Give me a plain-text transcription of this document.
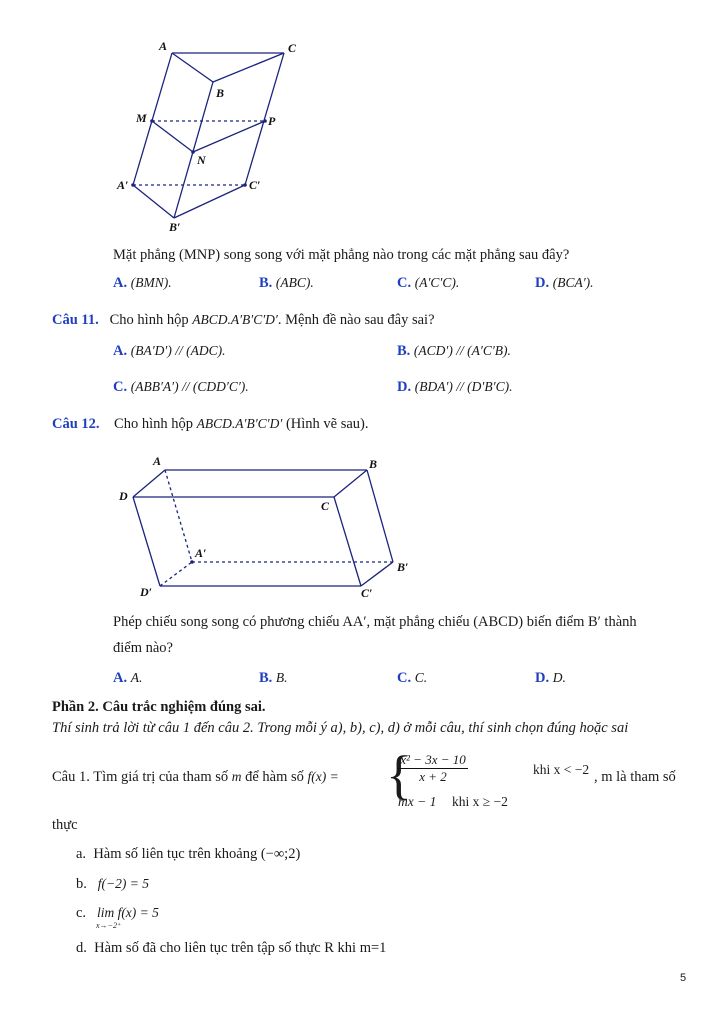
A	C
B
M	P
N
A′	C′
B′
Mặt phẳng (MNP) song song với mặt phẳng nào trong các mặt phẳng sau đây?
A. (BMN).	B. (ABC).	C. (A′C′C).	D. (BCA′).
Câu 11. Cho hình hộp ABCD.A′B′C′D′. Mệnh đề nào sau đây sai?
A. (BA′D′) // (ADC).	B. (ACD′) // (A′C′B).
C. (ABB′A′) // (CDD′C′).	D. (BDA′) // (D′B′C).
Câu 12. Cho hình hộp ABCD.A′B′C′D′ (Hình vẽ sau).
A	B
D
C
A′
B′
D′	C′
Phép chiếu song song có phương chiếu AA′, mặt phẳng chiếu (ABCD) biến điểm B′ thành
điểm nào?
A. A.	B. B.	C. C.	D. D.
Phần 2. Câu trắc nghiệm đúng sai.
Thí sinh trả lời từ câu 1 đến câu 2. Trong mỗi ý a), b), c), d) ở mỗi câu, thí sinh chọn đúng hoặc sai
Câu 1. Tìm giá trị của tham số m để hàm số f(x) = {
$\frac{\text{x² − 3x − 10}}{x + 2}$	khi x < −2
mx − 1 khi x ≥ −2
, m là tham số
thực
a. Hàm số liên tục trên khoảng (−∞;2)
b. f(−2) = 5
c. lim f(x) = 5
x→−2⁺
d. Hàm số đã cho liên tục trên tập số thực R khi m=1
5
